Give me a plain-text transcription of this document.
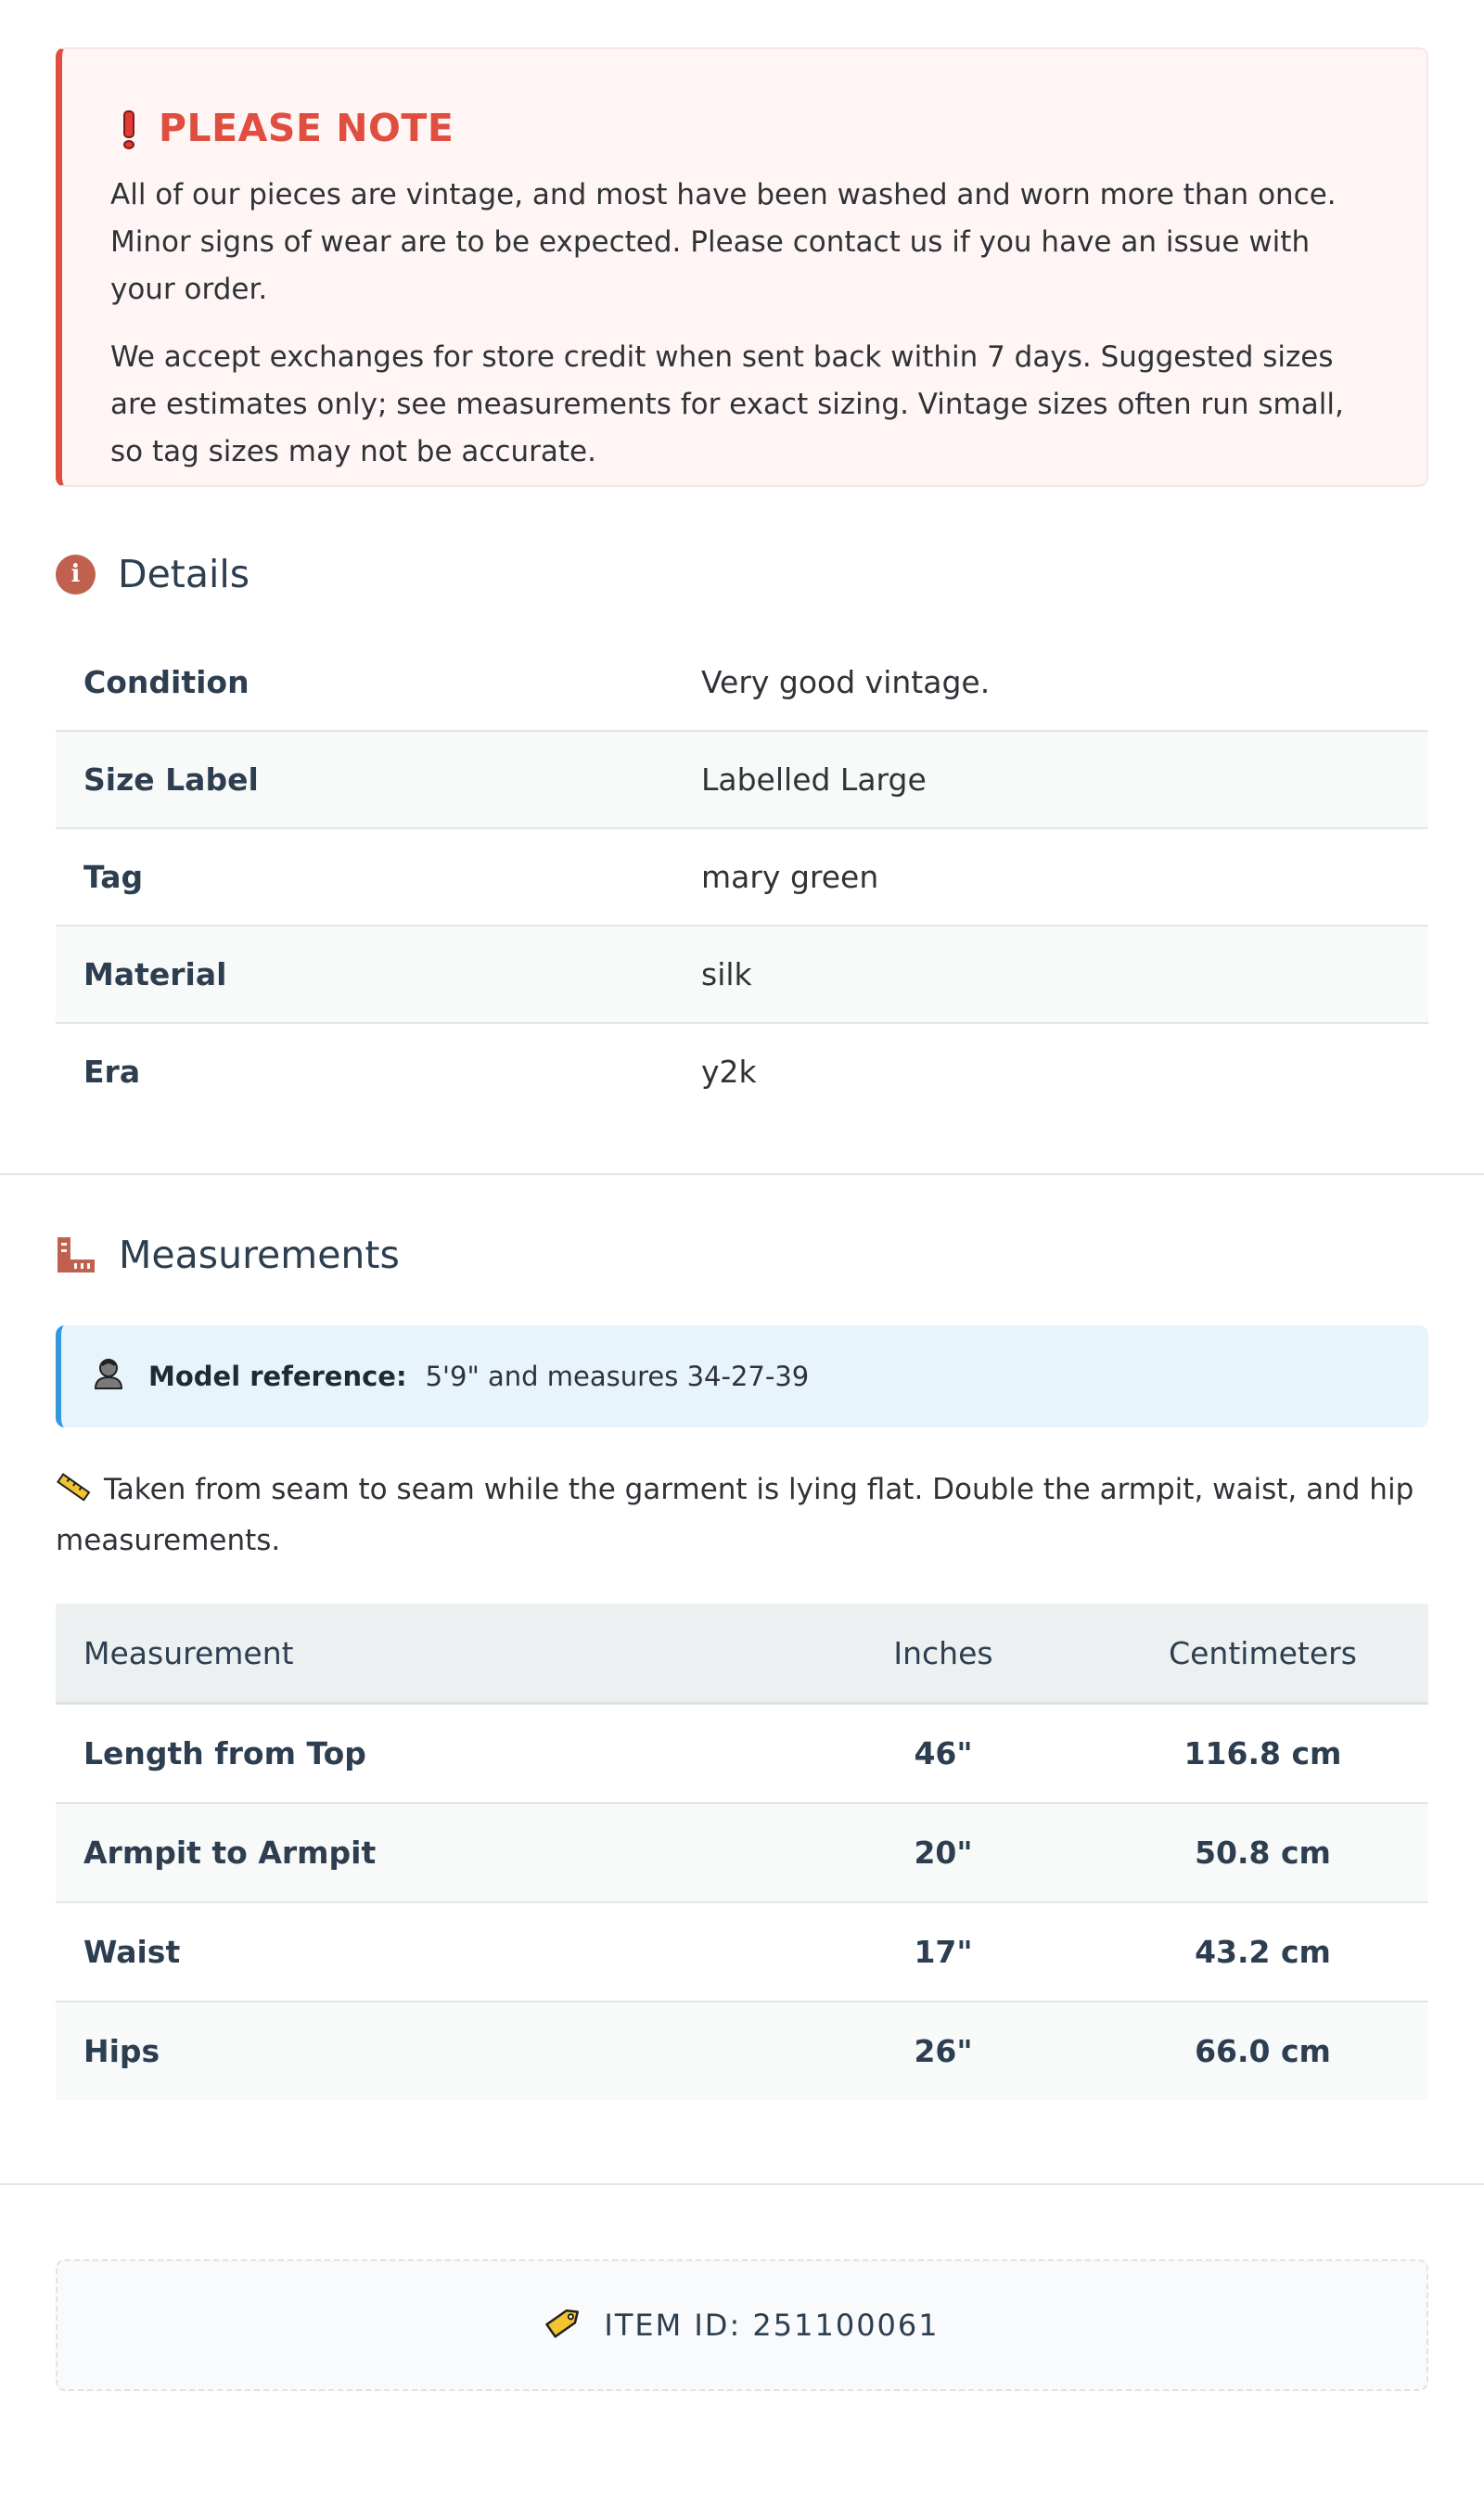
PLEASE NOTE

All of our pieces are vintage, and most have been washed and worn more than once. Minor signs of wear are to be expected. Please contact us if you have an issue with your order.

We accept exchanges for store credit when sent back within 7 days. Suggested sizes are estimates only; see measurements for exact sizing. Vintage sizes often run small, so tag sizes may not be accurate.

i Details
Condition	Very good vintage.
Size Label	Labelled Large
Tag	mary green
Material	silk
Era	y2k
Measurements
Model reference: 5'9" and measures 34-27-39
Taken from seam to seam while the garment is lying flat. Double the armpit, waist, and hip measurements.
Measurement	Inches	Centimeters
Length from Top	46"	116.8 cm
Armpit to Armpit	20"	50.8 cm
Waist	17"	43.2 cm
Hips	26"	66.0 cm
ITEM ID: 251100061
